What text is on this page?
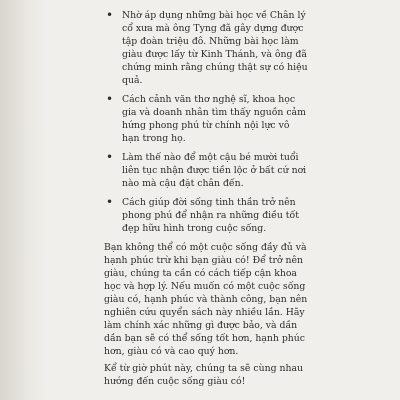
• Nhờ áp dụng những bài học về Chân lý cổ xưa mà ông Tyng đã gây dựng được tập đoàn triệu đô. Những bài học làm giàu được lấy từ Kinh Thánh, và ông đã chứng minh rằng chúng thật sự có hiệu quả.
• Cách cảnh văn thơ nghệ sĩ, khoa học gia và doanh nhân tìm thấy nguồn cảm hứng phong phú từ chính nội lực vô hạn trong họ.
• Làm thế nào để một cậu bé mười tuổi liên tục nhận được tiền lộc ở bất cứ nơi nào mà cậu đặt chân đến.
• Cách giúp đời sống tinh thần trở nên phong phú để nhận ra những điều tốt đẹp hữu hình trong cuộc sống.

Bạn không thể có một cuộc sống đầy đủ và hạnh phúc trừ khi bạn giàu có! Để trở nên giàu, chúng ta cần có cách tiếp cận khoa học và hợp lý. Nếu muốn có một cuộc sống giàu có, hạnh phúc và thành công, bạn nên nghiên cứu quyển sách này nhiều lần. Hãy làm chính xác những gì được bảo, và dần dần bạn sẽ có thể sống tốt hơn, hạnh phúc hơn, giàu có và cao quý hơn.

Kể từ giờ phút này, chúng ta sẽ cùng nhau hướng đến cuộc sống giàu có!
